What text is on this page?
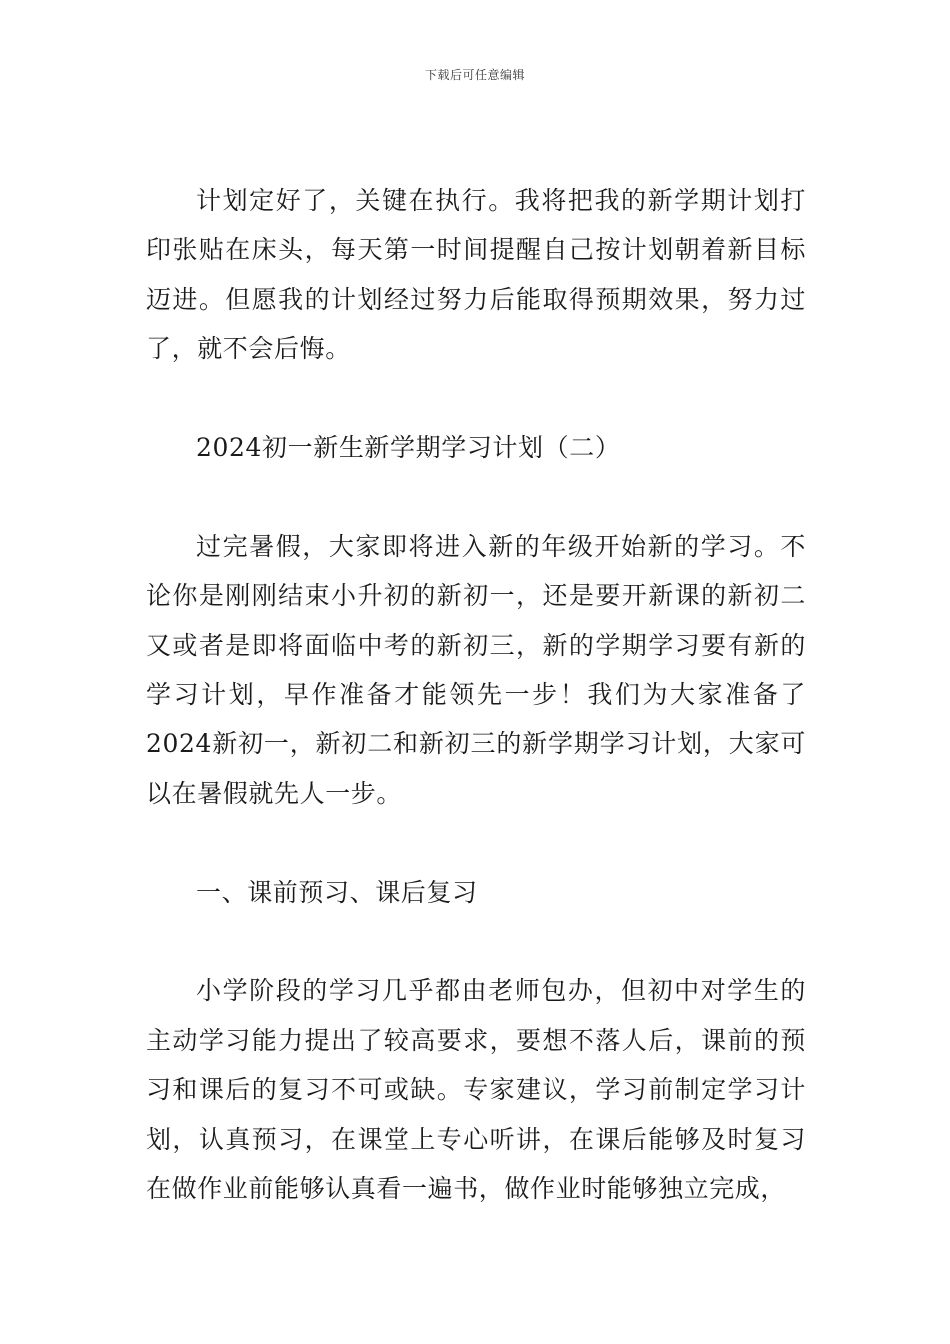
下载后可任意编辑

计划定好了，关键在执行。我将把我的新学期计划打印张贴在床头，每天第一时间提醒自己按计划朝着新目标迈进。但愿我的计划经过努力后能取得预期效果，努力过了，就不会后悔。

2024初一新生新学期学习计划（二）

过完暑假，大家即将进入新的年级开始新的学习。不论你是刚刚结束小升初的新初一，还是要开新课的新初二又或者是即将面临中考的新初三，新的学期学习要有新的学习计划，早作准备才能领先一步！我们为大家准备了2024新初一，新初二和新初三的新学期学习计划，大家可以在暑假就先人一步。

一、课前预习、课后复习

小学阶段的学习几乎都由老师包办，但初中对学生的主动学习能力提出了较高要求，要想不落人后，课前的预习和课后的复习不可或缺。专家建议，学习前制定学习计划，认真预习，在课堂上专心听讲，在课后能够及时复习在做作业前能够认真看一遍书，做作业时能够独立完成，
